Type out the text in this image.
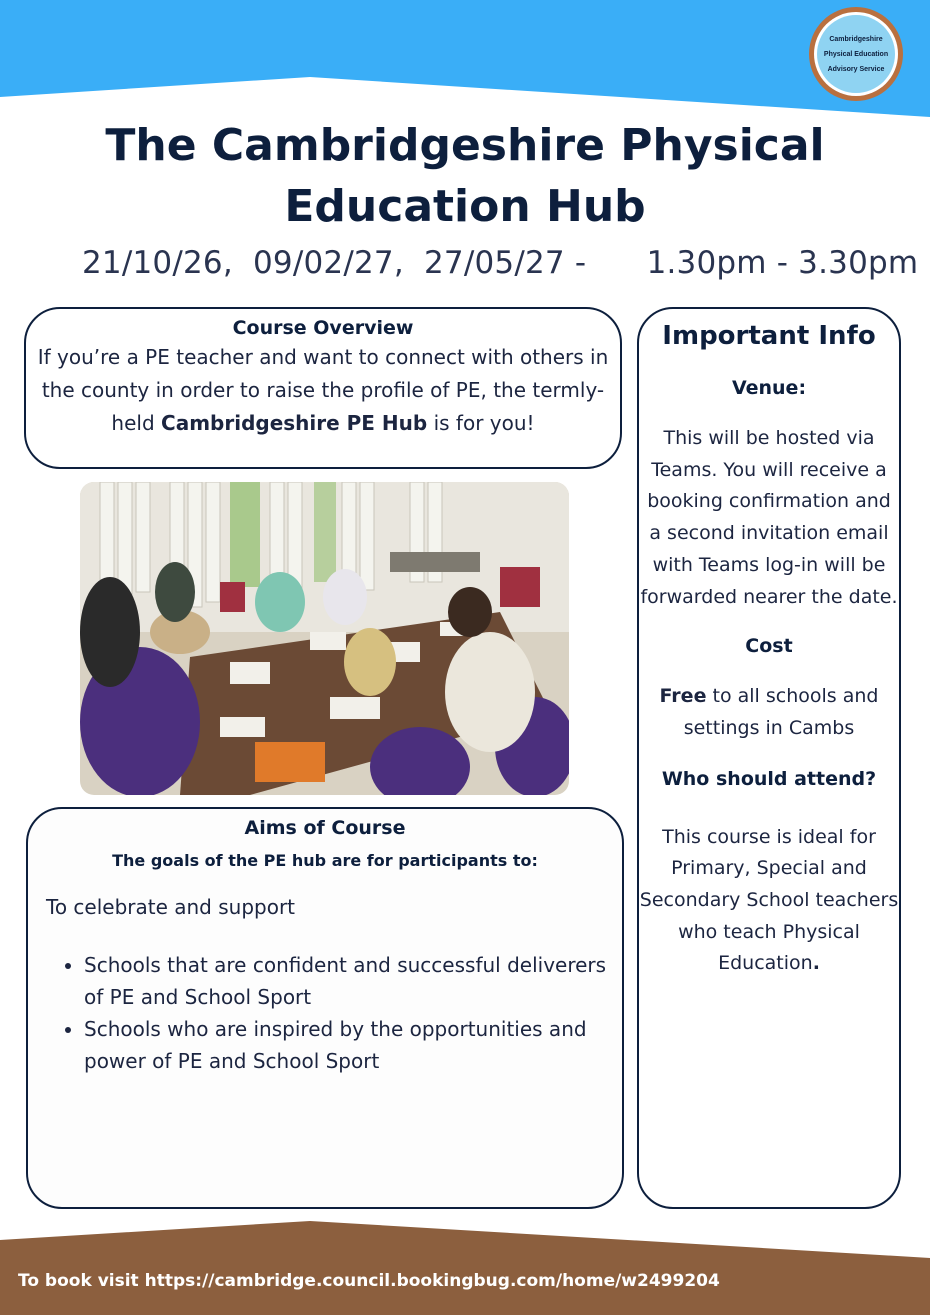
Cambridgeshire
Physical Education
Advisory Service
The Cambridgeshire Physical Education Hub
21/10/26,  09/02/27,  27/05/27 -      1.30pm - 3.30pm
Course Overview

If you’re a PE teacher and want to connect with others in the county in order to raise the profile of PE, the termly-held Cambridgeshire PE Hub is for you!

Aims of Course

The goals of the PE hub are for participants to:

To celebrate and support

• Schools that are confident and successful deliverers of PE and School Sport
• Schools who are inspired by the opportunities and power of PE and School Sport
Important Info
Venue:

This will be hosted via Teams. You will receive a booking confirmation and a second invitation email with Teams log-in will be forwarded nearer the date.

Cost

Free to all schools and settings in Cambs

Who should attend?

This course is ideal for Primary, Special and Secondary School teachers who teach Physical Education.

To book visit https://cambridge.council.bookingbug.com/home/w2499204
